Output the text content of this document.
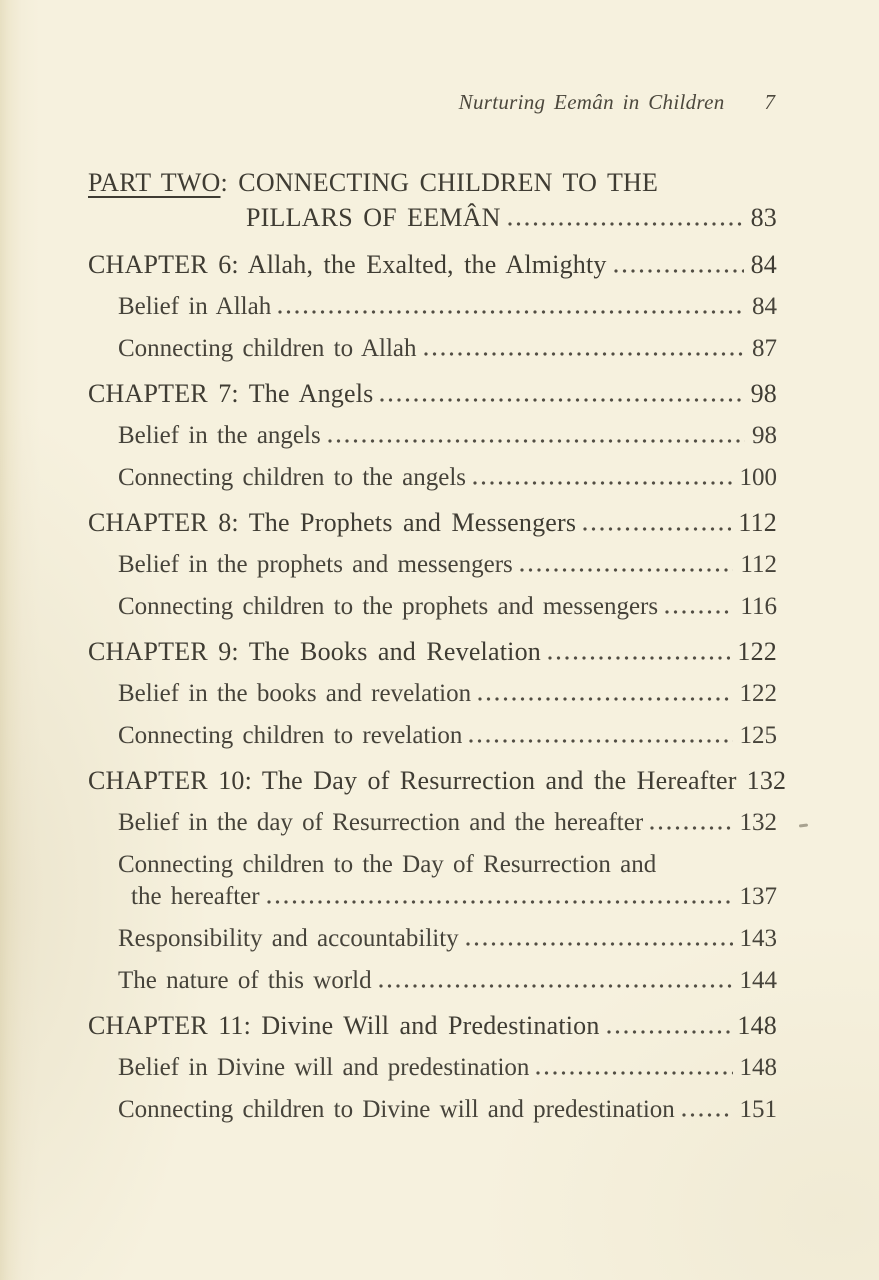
Nurturing Eemân in Children 7
PART TWO: CONNECTING CHILDREN TO THE
PILLARS OF EEMÂN	83
CHAPTER 6: Allah, the Exalted, the Almighty	84
Belief in Allah	84
Connecting children to Allah	87
CHAPTER 7: The Angels	98
Belief in the angels	98
Connecting children to the angels	100
CHAPTER 8: The Prophets and Messengers	112
Belief in the prophets and messengers	112
Connecting children to the prophets and messengers	116
CHAPTER 9: The Books and Revelation	122
Belief in the books and revelation	122
Connecting children to revelation	125
CHAPTER 10: The Day of Resurrection and the Hereafter 132
Belief in the day of Resurrection and the hereafter	132
Connecting children to the Day of Resurrection and
the hereafter	137
Responsibility and accountability	143
The nature of this world	144
CHAPTER 11: Divine Will and Predestination	148
Belief in Divine will and predestination	148
Connecting children to Divine will and predestination	151
